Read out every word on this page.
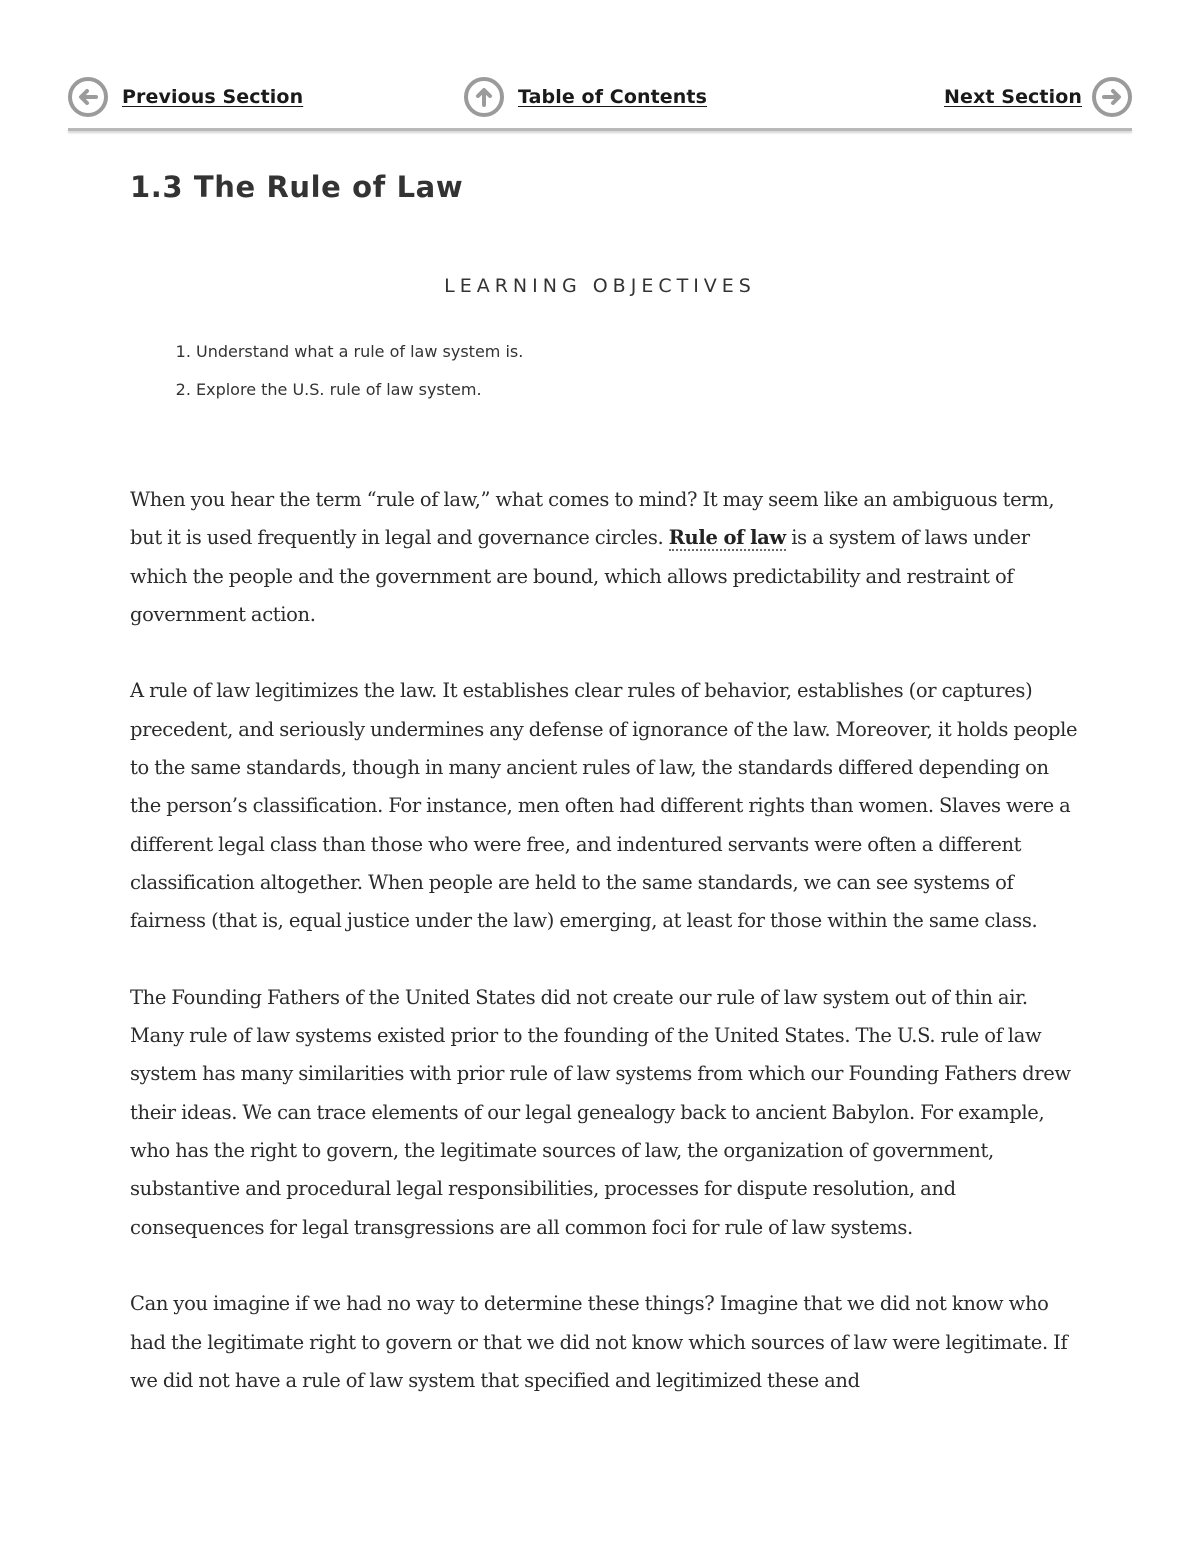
Previous Section	Table of Contents	Next Section
1.3 The Rule of Law
LEARNING OBJECTIVES
1. Understand what a rule of law system is.
2. Explore the U.S. rule of law system.

When you hear the term “rule of law,” what comes to mind? It may seem like an ambiguous term, but it is used frequently in legal and governance circles. Rule of law is a system of laws under which the people and the government are bound, which allows predictability and restraint of government action.

A rule of law legitimizes the law. It establishes clear rules of behavior, establishes (or captures) precedent, and seriously undermines any defense of ignorance of the law. Moreover, it holds people to the same standards, though in many ancient rules of law, the standards differed depending on the person’s classification. For instance, men often had different rights than women. Slaves were a different legal class than those who were free, and indentured servants were often a different classification altogether. When people are held to the same standards, we can see systems of fairness (that is, equal justice under the law) emerging, at least for those within the same class.

The Founding Fathers of the United States did not create our rule of law system out of thin air. Many rule of law systems existed prior to the founding of the United States. The U.S. rule of law system has many similarities with prior rule of law systems from which our Founding Fathers drew their ideas. We can trace elements of our legal genealogy back to ancient Babylon. For example, who has the right to govern, the legitimate sources of law, the organization of government, substantive and procedural legal responsibilities, processes for dispute resolution, and consequences for legal transgressions are all common foci for rule of law systems.

Can you imagine if we had no way to determine these things? Imagine that we did not know who had the legitimate right to govern or that we did not know which sources of law were legitimate. If we did not have a rule of law system that specified and legitimized these and
